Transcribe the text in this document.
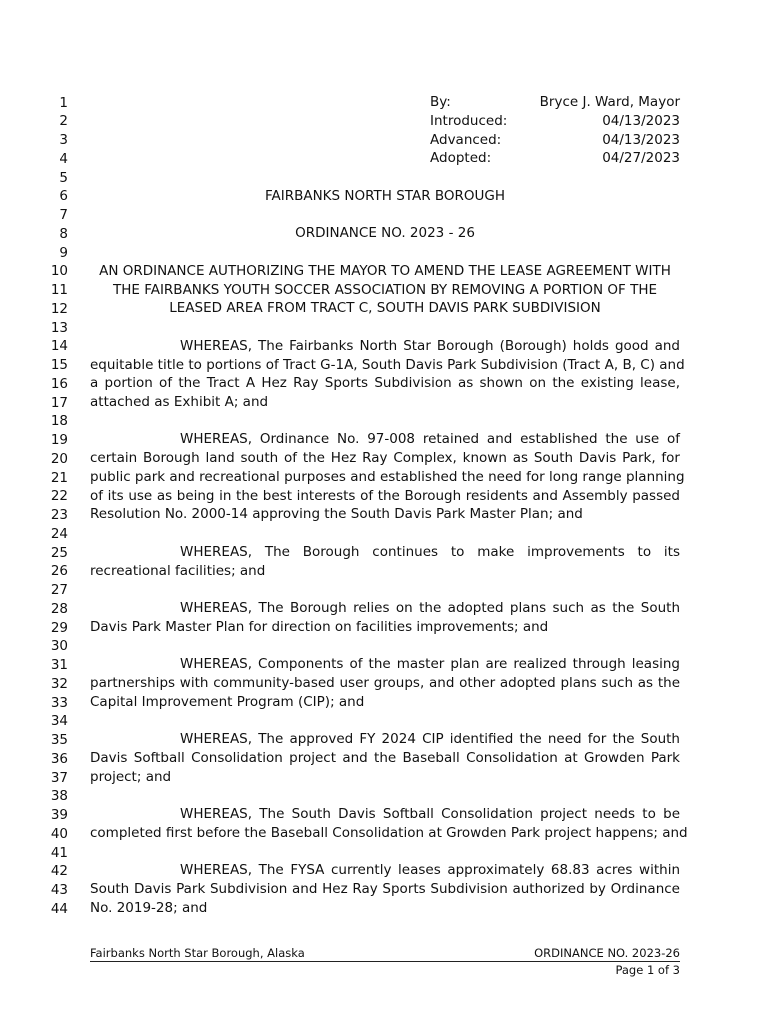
1
2
3
4
5
6
7
8
9
10
11
12
13
14
15
16
17
18
19
20
21
22
23
24
25
26
27
28
29
30
31
32
33
34
35
36
37
38
39
40
41
42
43
44
By:	Bryce J. Ward, Mayor
Introduced:	04/13/2023
Advanced:	04/13/2023
Adopted:	04/27/2023
FAIRBANKS NORTH STAR BOROUGH
ORDINANCE NO. 2023 - 26
AN ORDINANCE AUTHORIZING THE MAYOR TO AMEND THE LEASE AGREEMENT WITH
THE FAIRBANKS YOUTH SOCCER ASSOCIATION BY REMOVING A PORTION OF THE
LEASED AREA FROM TRACT C, SOUTH DAVIS PARK SUBDIVISION
WHEREAS, The Fairbanks North Star Borough (Borough) holds good and
equitable title to portions of Tract G-1A, South Davis Park Subdivision (Tract A, B, C) and
a portion of the Tract A Hez Ray Sports Subdivision as shown on the existing lease,
attached as Exhibit A; and
WHEREAS, Ordinance No. 97-008 retained and established the use of
certain Borough land south of the Hez Ray Complex, known as South Davis Park, for
public park and recreational purposes and established the need for long range planning
of its use as being in the best interests of the Borough residents and Assembly passed
Resolution No. 2000-14 approving the South Davis Park Master Plan; and
WHEREAS, The Borough continues to make improvements to its
recreational facilities; and
WHEREAS, The Borough relies on the adopted plans such as the South
Davis Park Master Plan for direction on facilities improvements; and
WHEREAS, Components of the master plan are realized through leasing
partnerships with community-based user groups, and other adopted plans such as the
Capital Improvement Program (CIP); and
WHEREAS, The approved FY 2024 CIP identified the need for the South
Davis Softball Consolidation project and the Baseball Consolidation at Growden Park
project; and
WHEREAS, The South Davis Softball Consolidation project needs to be
completed first before the Baseball Consolidation at Growden Park project happens; and
WHEREAS, The FYSA currently leases approximately 68.83 acres within
South Davis Park Subdivision and Hez Ray Sports Subdivision authorized by Ordinance
No. 2019-28; and
Fairbanks North Star Borough, Alaska	ORDINANCE NO. 2023-26
Page 1 of 3
